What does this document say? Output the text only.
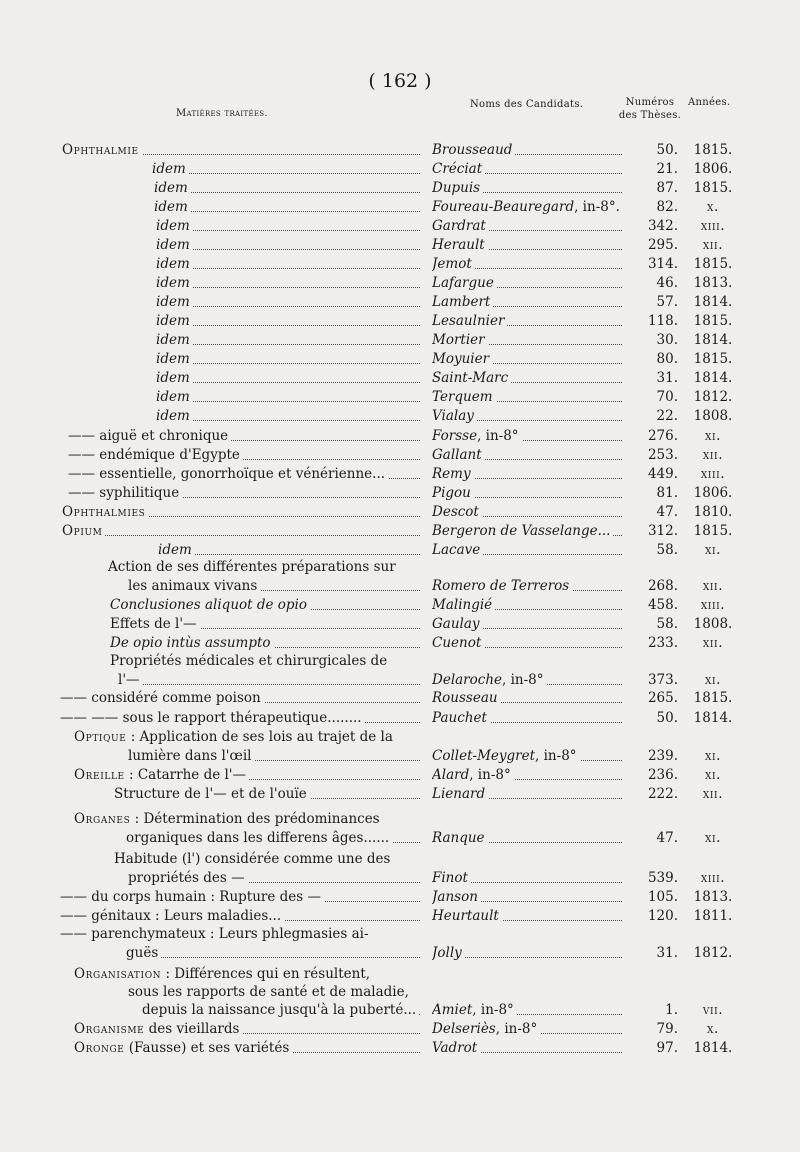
( 162 )
Matières traitées.
Noms des Candidats.	Numéros
des Thèses.
Années.
Ophthalmie	Brousseaud	50. 1815.
idem	Créciat	21. 1806.
idem	Dupuis	87. 1815.
idem	Foureau-Beauregard, in-8°.	82.	x.
idem	Gardrat	342.	xiii.
idem	Herault	295.	xii.
idem	Jemot	314. 1815.
idem	Lafargue	46. 1813.
idem	Lambert	57. 1814.
idem	Lesaulnier	118. 1815.
idem	Mortier	30. 1814.
idem	Moyuier	80. 1815.
idem	Saint-Marc	31. 1814.
idem	Terquem	70. 1812.
idem	Vialay	22. 1808.
—— aiguë et chronique	Forsse, in-8°	276.	xi.
—— endémique d'Egypte	Gallant	253.	xii.
—— essentielle, gonorrhoïque et vénérienne...	Remy	449.	xiii.
—— syphilitique	Pigou	81. 1806.
Ophthalmies	Descot	47. 1810.
Opium	Bergeron de Vasselange...	312. 1815.
idem	Lacave	58.	xi.
Action de ses différentes préparations sur
les animaux vivans	Romero de Terreros	268.	xii.
Conclusiones aliquot de opio	Malingié	458.	xiii.
Effets de l'—	Gaulay	58. 1808.
De opio intùs assumpto	Cuenot	233.	xii.
Propriétés médicales et chirurgicales de
l'—	Delaroche, in-8°	373.	xi.
—— considéré comme poison	Rousseau	265. 1815.
—— —— sous le rapport thérapeutique........	Pauchet	50. 1814.
Optique : Application de ses lois au trajet de la
lumière dans l'œil	Collet-Meygret, in-8°	239.	xi.
Oreille : Catarrhe de l'—	Alard, in-8°	236.	xi.
Structure de l'— et de l'ouïe	Lienard	222.	xii.
Organes : Détermination des prédominances
organiques dans les differens âges......	Ranque	47.	xi.
Habitude (l') considérée comme une des
propriétés des —	Finot	539.	xiii.
—— du corps humain : Rupture des —	Janson	105. 1813.
—— génitaux : Leurs maladies...	Heurtault	120. 1811.
—— parenchymateux : Leurs phlegmasies ai-
guës	Jolly	31. 1812.
Organisation : Différences qui en résultent,
sous les rapports de santé et de maladie,
depuis la naissance jusqu'à la puberté...	Amiet, in-8°	1.	vii.
Organisme des vieillards	Delseriès, in-8°	79.	x.
Oronge (Fausse) et ses variétés	Vadrot	97. 1814.
